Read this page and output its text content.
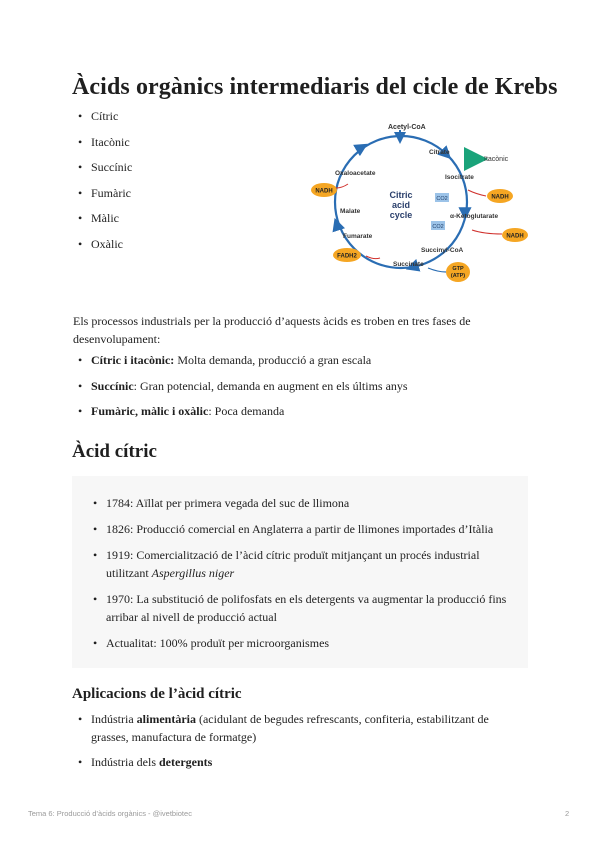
Àcids orgànics intermediaris del cicle de Krebs
• Cítric
• Itacònic
• Succínic
• Fumàric
• Màlic
• Oxàlic
Acetyl-CoA
Citric
acid
cycle
Citrate
Isocitrate
α-Ketoglutarate
Succinyl-CoA
Succinate
Fumarate
Malate
Oxaloacetate
NADH
NADH
NADH
FADH2
GTP
(ATP)
CO2
CO2
Itacònic

Els processos industrials per la producció d’aquests àcids es troben en tres fases de desenvolupament:

• Cítric i itacònic: Molta demanda, producció a gran escala
• Succínic: Gran potencial, demanda en augment en els últims anys
• Fumàric, màlic i oxàlic: Poca demanda
Àcid cítric
• 1784: Aïllat per primera vegada del suc de llimona
• 1826: Producció comercial en Anglaterra a partir de llimones importades d’Itàlia
• 1919: Comercialització de l’àcid cítric produït mitjançant un procés industrial utilitzant Aspergillus niger
• 1970: La substitució de polifosfats en els detergents va augmentar la producció fins arribar al nivell de producció actual
• Actualitat: 100% produït per microorganismes
Aplicacions de l’àcid cítric
• Indústria alimentària (acidulant de begudes refrescants, confiteria, estabilitzant de grasses, manufactura de formatge)
• Indústria dels detergents
Tema 6: Producció d’àcids orgànics - @ivetbiotec	2
